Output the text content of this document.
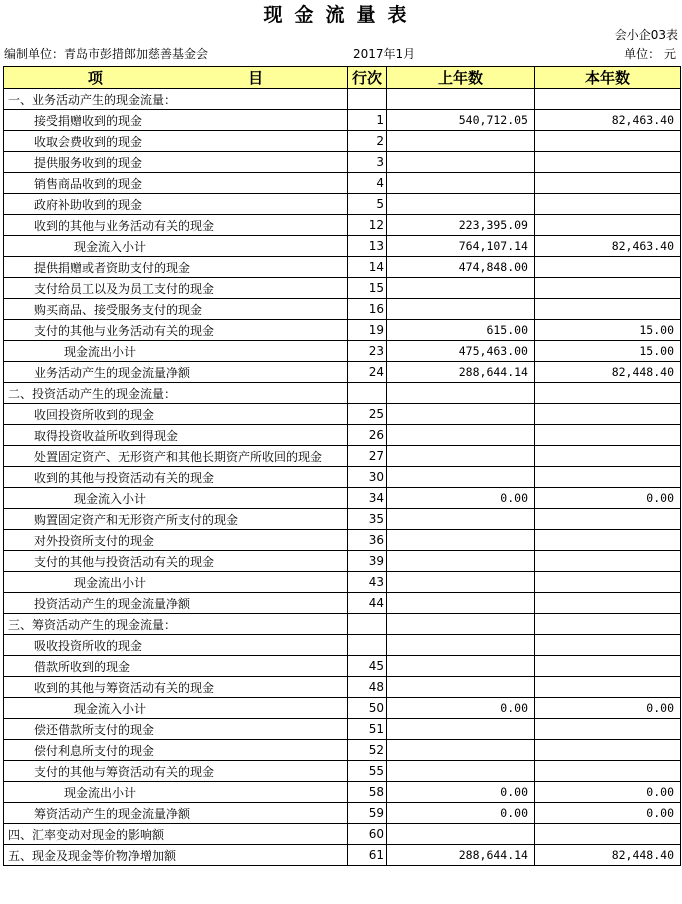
现金流量表
会小企03表
编制单位：青岛市彭措郎加慈善基金会	2017年1月	单位： 元
项 目	行次	上年数	本年数
一、业务活动产生的现金流量：			
接受捐赠收到的现金	1	540,712.05	82,463.40
收取会费收到的现金	2		
提供服务收到的现金	3		
销售商品收到的现金	4		
政府补助收到的现金	5		
收到的其他与业务活动有关的现金	12	223,395.09	
现金流入小计	13	764,107.14	82,463.40
提供捐赠或者资助支付的现金	14	474,848.00	
支付给员工以及为员工支付的现金	15		
购买商品、接受服务支付的现金	16		
支付的其他与业务活动有关的现金	19	615.00	15.00
现金流出小计	23	475,463.00	15.00
业务活动产生的现金流量净额	24	288,644.14	82,448.40
二、投资活动产生的现金流量：			
收回投资所收到的现金	25		
取得投资收益所收到得现金	26		
处置固定资产、无形资产和其他长期资产所收回的现金	27		
收到的其他与投资活动有关的现金	30		
现金流入小计	34	0.00	0.00
购置固定资产和无形资产所支付的现金	35		
对外投资所支付的现金	36		
支付的其他与投资活动有关的现金	39		
现金流出小计	43		
投资活动产生的现金流量净额	44		
三、筹资活动产生的现金流量：			
吸收投资所收的现金			
借款所收到的现金	45		
收到的其他与筹资活动有关的现金	48		
现金流入小计	50	0.00	0.00
偿还借款所支付的现金	51		
偿付利息所支付的现金	52		
支付的其他与筹资活动有关的现金	55		
现金流出小计	58	0.00	0.00
筹资活动产生的现金流量净额	59	0.00	0.00
四、汇率变动对现金的影响额	60		
五、现金及现金等价物净增加额	61	288,644.14	82,448.40
